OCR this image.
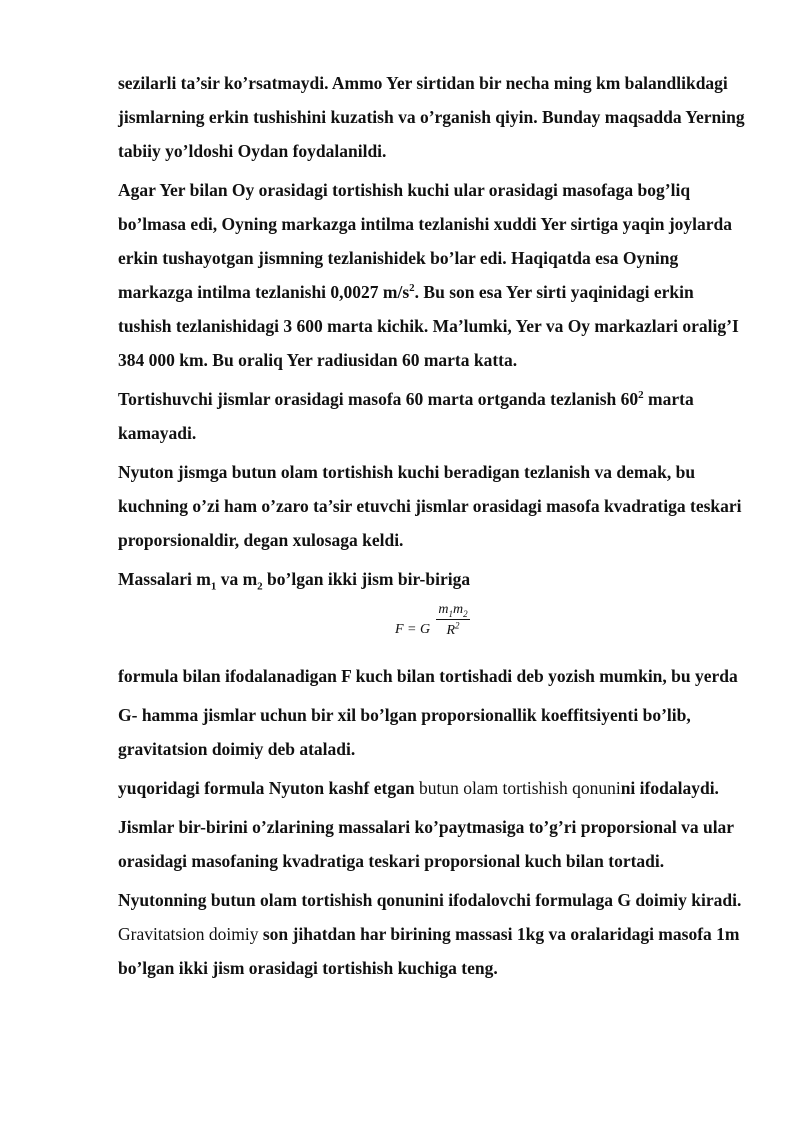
sezilarli ta’sir ko’rsatmaydi. Ammo Yer sirtidan bir necha ming km balandlikdagi jismlarning erkin tushishini kuzatish va o’rganish qiyin. Bunday maqsadda Yerning tabiiy yo’ldoshi Oydan foydalanildi.

Agar Yer bilan Oy orasidagi tortishish kuchi ular orasidagi masofaga bog’liq bo’lmasa edi, Oyning markazga intilma tezlanishi xuddi Yer sirtiga yaqin joylarda erkin tushayotgan jismning tezlanishidek bo’lar edi. Haqiqatda esa Oyning markazga intilma tezlanishi 0,0027 $m/s^2$. Bu son esa Yer sirti yaqinidagi erkin tushish tezlanishidagi 3 600 marta kichik. Ma’lumki, Yer va Oy markazlari oralig’I 384 000 km. Bu oraliq Yer radiusidan 60 marta katta.

Tortishuvchi jismlar orasidagi masofa 60 marta ortganda tezlanish $60^2$ marta kamayadi.

Nyuton jismga butun olam tortishish kuchi beradigan tezlanish va demak, bu kuchning o’zi ham o’zaro ta’sir etuvchi jismlar orasidagi masofa kvadratiga teskari proporsionaldir, degan xulosaga keldi.

Massalari $m_1$ va $m_2$ bo’lgan ikki jism bir-biriga

F = G $\frac{m_1m_2}{R^2}$

formula bilan ifodalanadigan F kuch bilan tortishadi deb yozish mumkin, bu yerda

G- hamma jismlar uchun bir xil bo’lgan proporsionallik koeffitsiyenti bo’lib, gravitatsion doimiy deb ataladi.

yuqoridagi formula Nyuton kashf etgan butun olam tortishish qonunini ifodalaydi.

Jismlar bir-birini o’zlarining massalari ko’paytmasiga to’g’ri proporsional va ular orasidagi masofaning kvadratiga teskari proporsional kuch bilan tortadi.

Nyutonning butun olam tortishish qonunini ifodalovchi formulaga G doimiy kiradi. Gravitatsion doimiy son jihatdan har birining massasi 1kg va oralaridagi masofa 1m bo’lgan ikki jism orasidagi tortishish kuchiga teng.
